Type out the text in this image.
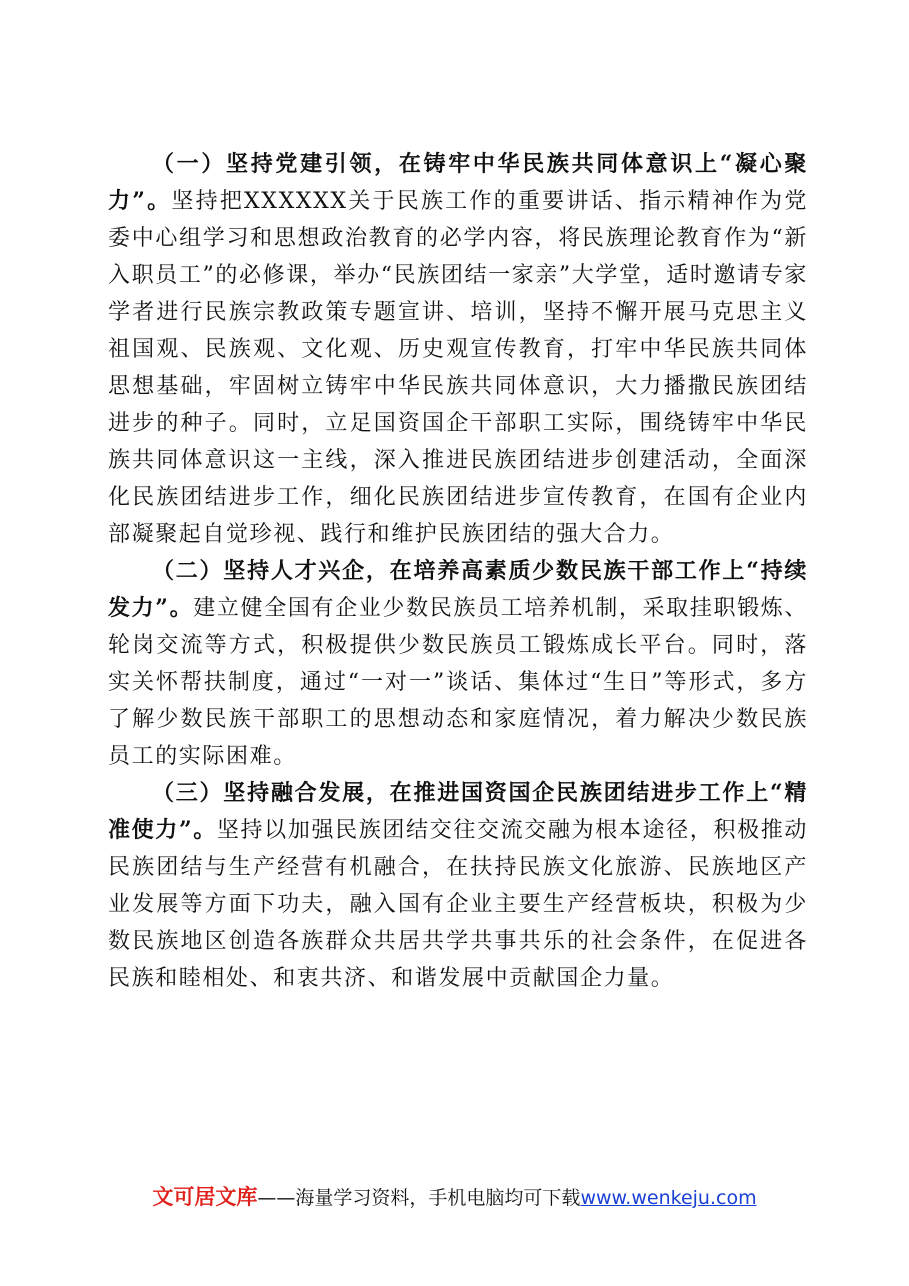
（一）坚持党建引领，在铸牢中华民族共同体意识上“凝心聚力”。坚持把XXXXXX关于民族工作的重要讲话、指示精神作为党委中心组学习和思想政治教育的必学内容，将民族理论教育作为“新入职员工”的必修课，举办“民族团结一家亲”大学堂，适时邀请专家学者进行民族宗教政策专题宣讲、培训，坚持不懈开展马克思主义祖国观、民族观、文化观、历史观宣传教育，打牢中华民族共同体思想基础，牢固树立铸牢中华民族共同体意识，大力播撒民族团结进步的种子。同时，立足国资国企干部职工实际，围绕铸牢中华民族共同体意识这一主线，深入推进民族团结进步创建活动，全面深化民族团结进步工作，细化民族团结进步宣传教育，在国有企业内部凝聚起自觉珍视、践行和维护民族团结的强大合力。

（二）坚持人才兴企，在培养高素质少数民族干部工作上“持续发力”。建立健全国有企业少数民族员工培养机制，采取挂职锻炼、轮岗交流等方式，积极提供少数民族员工锻炼成长平台。同时，落实关怀帮扶制度，通过“一对一”谈话、集体过“生日”等形式，多方了解少数民族干部职工的思想动态和家庭情况，着力解决少数民族员工的实际困难。

（三）坚持融合发展，在推进国资国企民族团结进步工作上“精准使力”。坚持以加强民族团结交往交流交融为根本途径，积极推动民族团结与生产经营有机融合，在扶持民族文化旅游、民族地区产业发展等方面下功夫，融入国有企业主要生产经营板块，积极为少数民族地区创造各族群众共居共学共事共乐的社会条件，在促进各民族和睦相处、和衷共济、和谐发展中贡献国企力量。

文可居文库——海量学习资料，手机电脑均可下载www.wenkeju.com
